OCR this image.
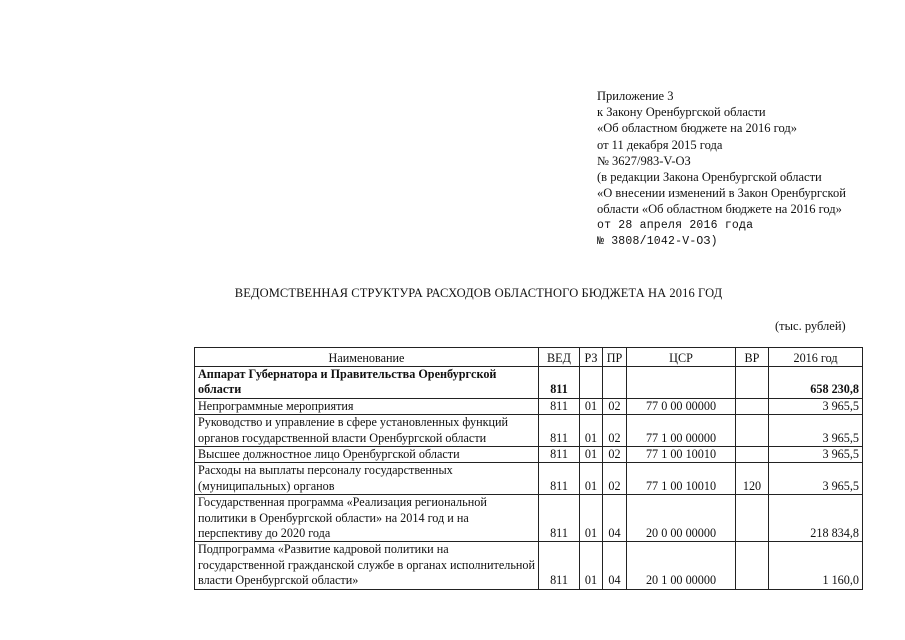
Приложение 3
к Закону Оренбургской области
«Об областном бюджете на 2016 год»
от 11 декабря 2015 года
№ 3627/983-V-ОЗ
(в редакции Закона Оренбургской области
«О внесении изменений в Закон Оренбургской
области «Об областном бюджете на 2016 год»
от 28 апреля 2016 года
№ 3808/1042-V-ОЗ)
ВЕДОМСТВЕННАЯ СТРУКТУРА РАСХОДОВ ОБЛАСТНОГО БЮДЖЕТА НА 2016 ГОД
(тыс. рублей)
Наименование	ВЕД	РЗ	ПР	ЦСР	ВР	2016 год
Аппарат Губернатора и Правительства Оренбургской области	811					658 230,8
Непрограммные мероприятия	811	01	02	77 0 00 00000		3 965,5
Руководство и управление в сфере установленных функций органов государственной власти Оренбургской области	811	01	02	77 1 00 00000		3 965,5
Высшее должностное лицо Оренбургской области	811	01	02	77 1 00 10010		3 965,5
Расходы на выплаты персоналу государственных (муниципальных) органов	811	01	02	77 1 00 10010	120	3 965,5
Государственная программа «Реализация региональной политики в Оренбургской области» на 2014 год и на перспективу до 2020 года	811	01	04	20 0 00 00000		218 834,8
Подпрограмма «Развитие кадровой политики на государственной гражданской службе в органах исполнительной власти Оренбургской области»	811	01	04	20 1 00 00000		1 160,0
